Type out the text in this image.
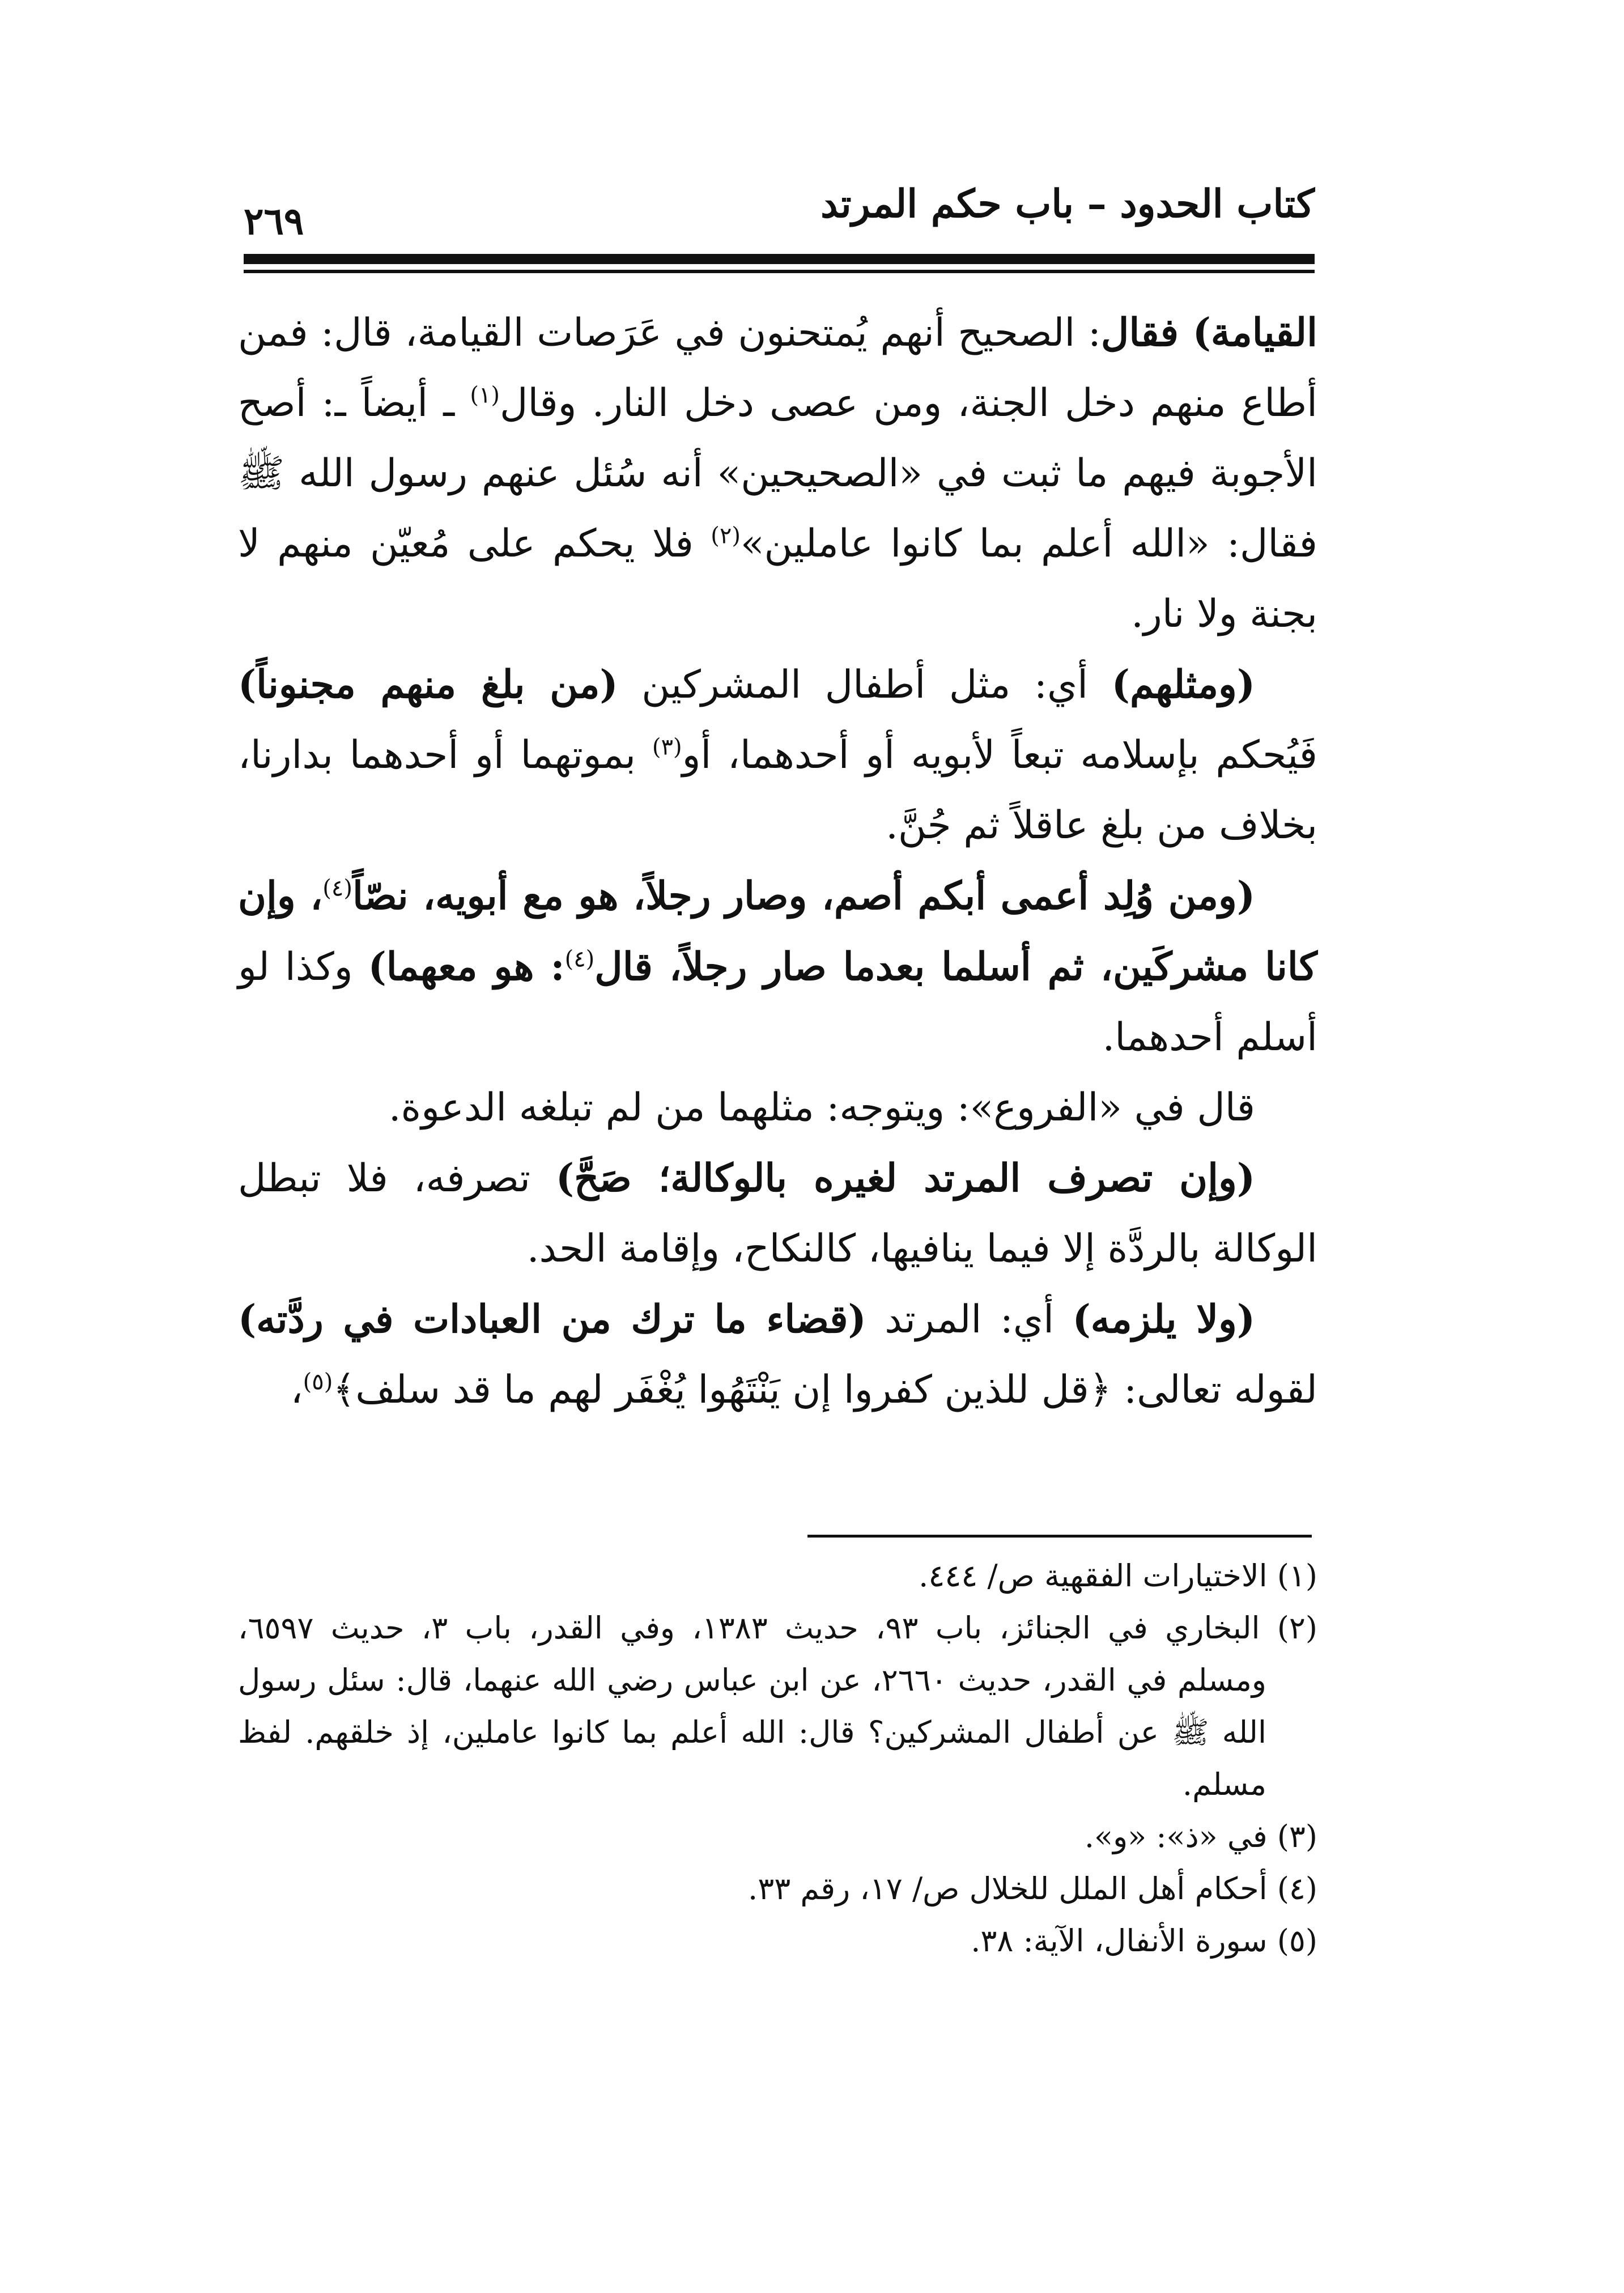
٢٦٩	كتاب الحدود – باب حكم المرتد

القيامة) فقال: الصحيح أنهم يُمتحنون في عَرَصات القيامة، قال: فمن أطاع منهم دخل الجنة، ومن عصى دخل النار. وقال$^{(١)}$ ـ أيضاً ـ: أصح الأجوبة فيهم ما ثبت في «الصحيحين» أنه سُئل عنهم رسول الله ﷺ فقال: «الله أعلم بما كانوا عاملين»$^{(٢)}$ فلا يحكم على مُعيّن منهم لا بجنة ولا نار.

(ومثلهم) أي: مثل أطفال المشركين (من بلغ منهم مجنوناً) فَيُحكم بإسلامه تبعاً لأبويه أو أحدهما، أو$^{(٣)}$ بموتهما أو أحدهما بدارنا، بخلاف من بلغ عاقلاً ثم جُنَّ.

(ومن وُلِد أعمى أبكم أصم، وصار رجلاً، هو مع أبويه، نصّاً$^{(٤)}$، وإن كانا مشركَين، ثم أسلما بعدما صار رجلاً، قال$^{(٤)}$: هو معهما) وكذا لو أسلم أحدهما.

قال في «الفروع»: ويتوجه: مثلهما من لم تبلغه الدعوة.

(وإن تصرف المرتد لغيره بالوكالة؛ صَحَّ) تصرفه، فلا تبطل الوكالة بالردَّة إلا فيما ينافيها، كالنكاح، وإقامة الحد.

(ولا يلزمه) أي: المرتد (قضاء ما ترك من العبادات في ردَّته) لقوله تعالى: ﴿قل للذين كفروا إن يَنْتَهُوا يُغْفَر لهم ما قد سلف﴾$^{(٥)}$،

(١) الاختيارات الفقهية ص/ ٤٤٤.

(٢) البخاري في الجنائز، باب ٩٣، حديث ١٣٨٣، وفي القدر، باب ٣، حديث ٦٥٩٧، ومسلم في القدر، حديث ٢٦٦٠، عن ابن عباس رضي الله عنهما، قال: سئل رسول الله ﷺ عن أطفال المشركين؟ قال: الله أعلم بما كانوا عاملين، إذ خلقهم. لفظ مسلم.

(٣) في «ذ»: «و».

(٤) أحكام أهل الملل للخلال ص/ ١٧، رقم ٣٣.

(٥) سورة الأنفال، الآية: ٣٨.
